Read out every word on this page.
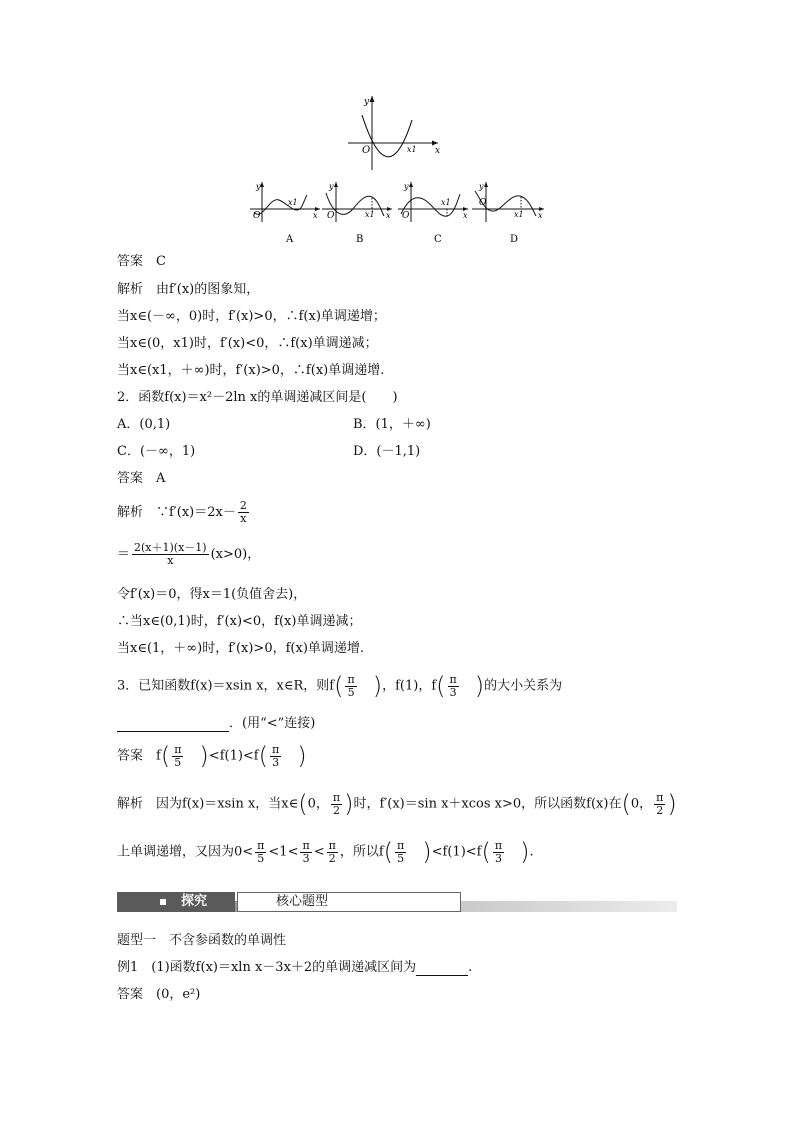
y
x
O	x1
y
x
O
x1
A
y
x
O	x1
B
y
x
O
x1
C
y
x
O
x1
D
答案　C
解析　由f′(x)的图象知，
当x∈(－∞，0)时，f′(x)>0，∴f(x)单调递增；
当x∈(0，x1)时，f′(x)<0，∴f(x)单调递减；
当x∈(x1，＋∞)时，f′(x)>0，∴f(x)单调递增.
2．函数f(x)＝x²－2ln x的单调递减区间是(　　)
A．(0,1)	B．(1，＋∞)
C．(－∞，1)	D．(－1,1)
答案　A
解析　∵f′(x)＝2x－ $\frac{2}{x}$
＝ $\frac{2(x+1)(x-1)}{x} (x>0)$，
令f′(x)＝0，得x＝1(负值舍去)，
∴当x∈(0,1)时，f′(x)<0，f(x)单调递减；
当x∈(1，＋∞)时，f′(x)>0，f(x)单调递增.
3．已知函数f(x)＝xsin x，x∈R，则$f( \frac{\pi}{5}$ )，f(1)，$f( \frac{\pi}{3}$ )的大小关系为
．(用“<”连接)
答案　$f( \frac{\pi}{5} )<f(1)<f( \frac{\pi}{3}$ )
解析　因为f(x)＝xsin x，当x∈(0， $\frac{\pi}{2}$ )时，f′(x)＝sin x＋xcos x>0，所以函数f(x)在(0， $\frac{\pi}{2}$ )
上单调递增，又因为$0< \frac{\pi}{5} <1< \frac{\pi}{3} < \frac{\pi}{2}$ ，所以$f( \frac{\pi}{5} )<f(1)<f( \frac{\pi}{3}$ ).
探究	核心题型
题型一　不含参函数的单调性
例1　(1)函数f(x)＝xln x－3x＋2的单调递减区间为	.
答案　(0，e²)
